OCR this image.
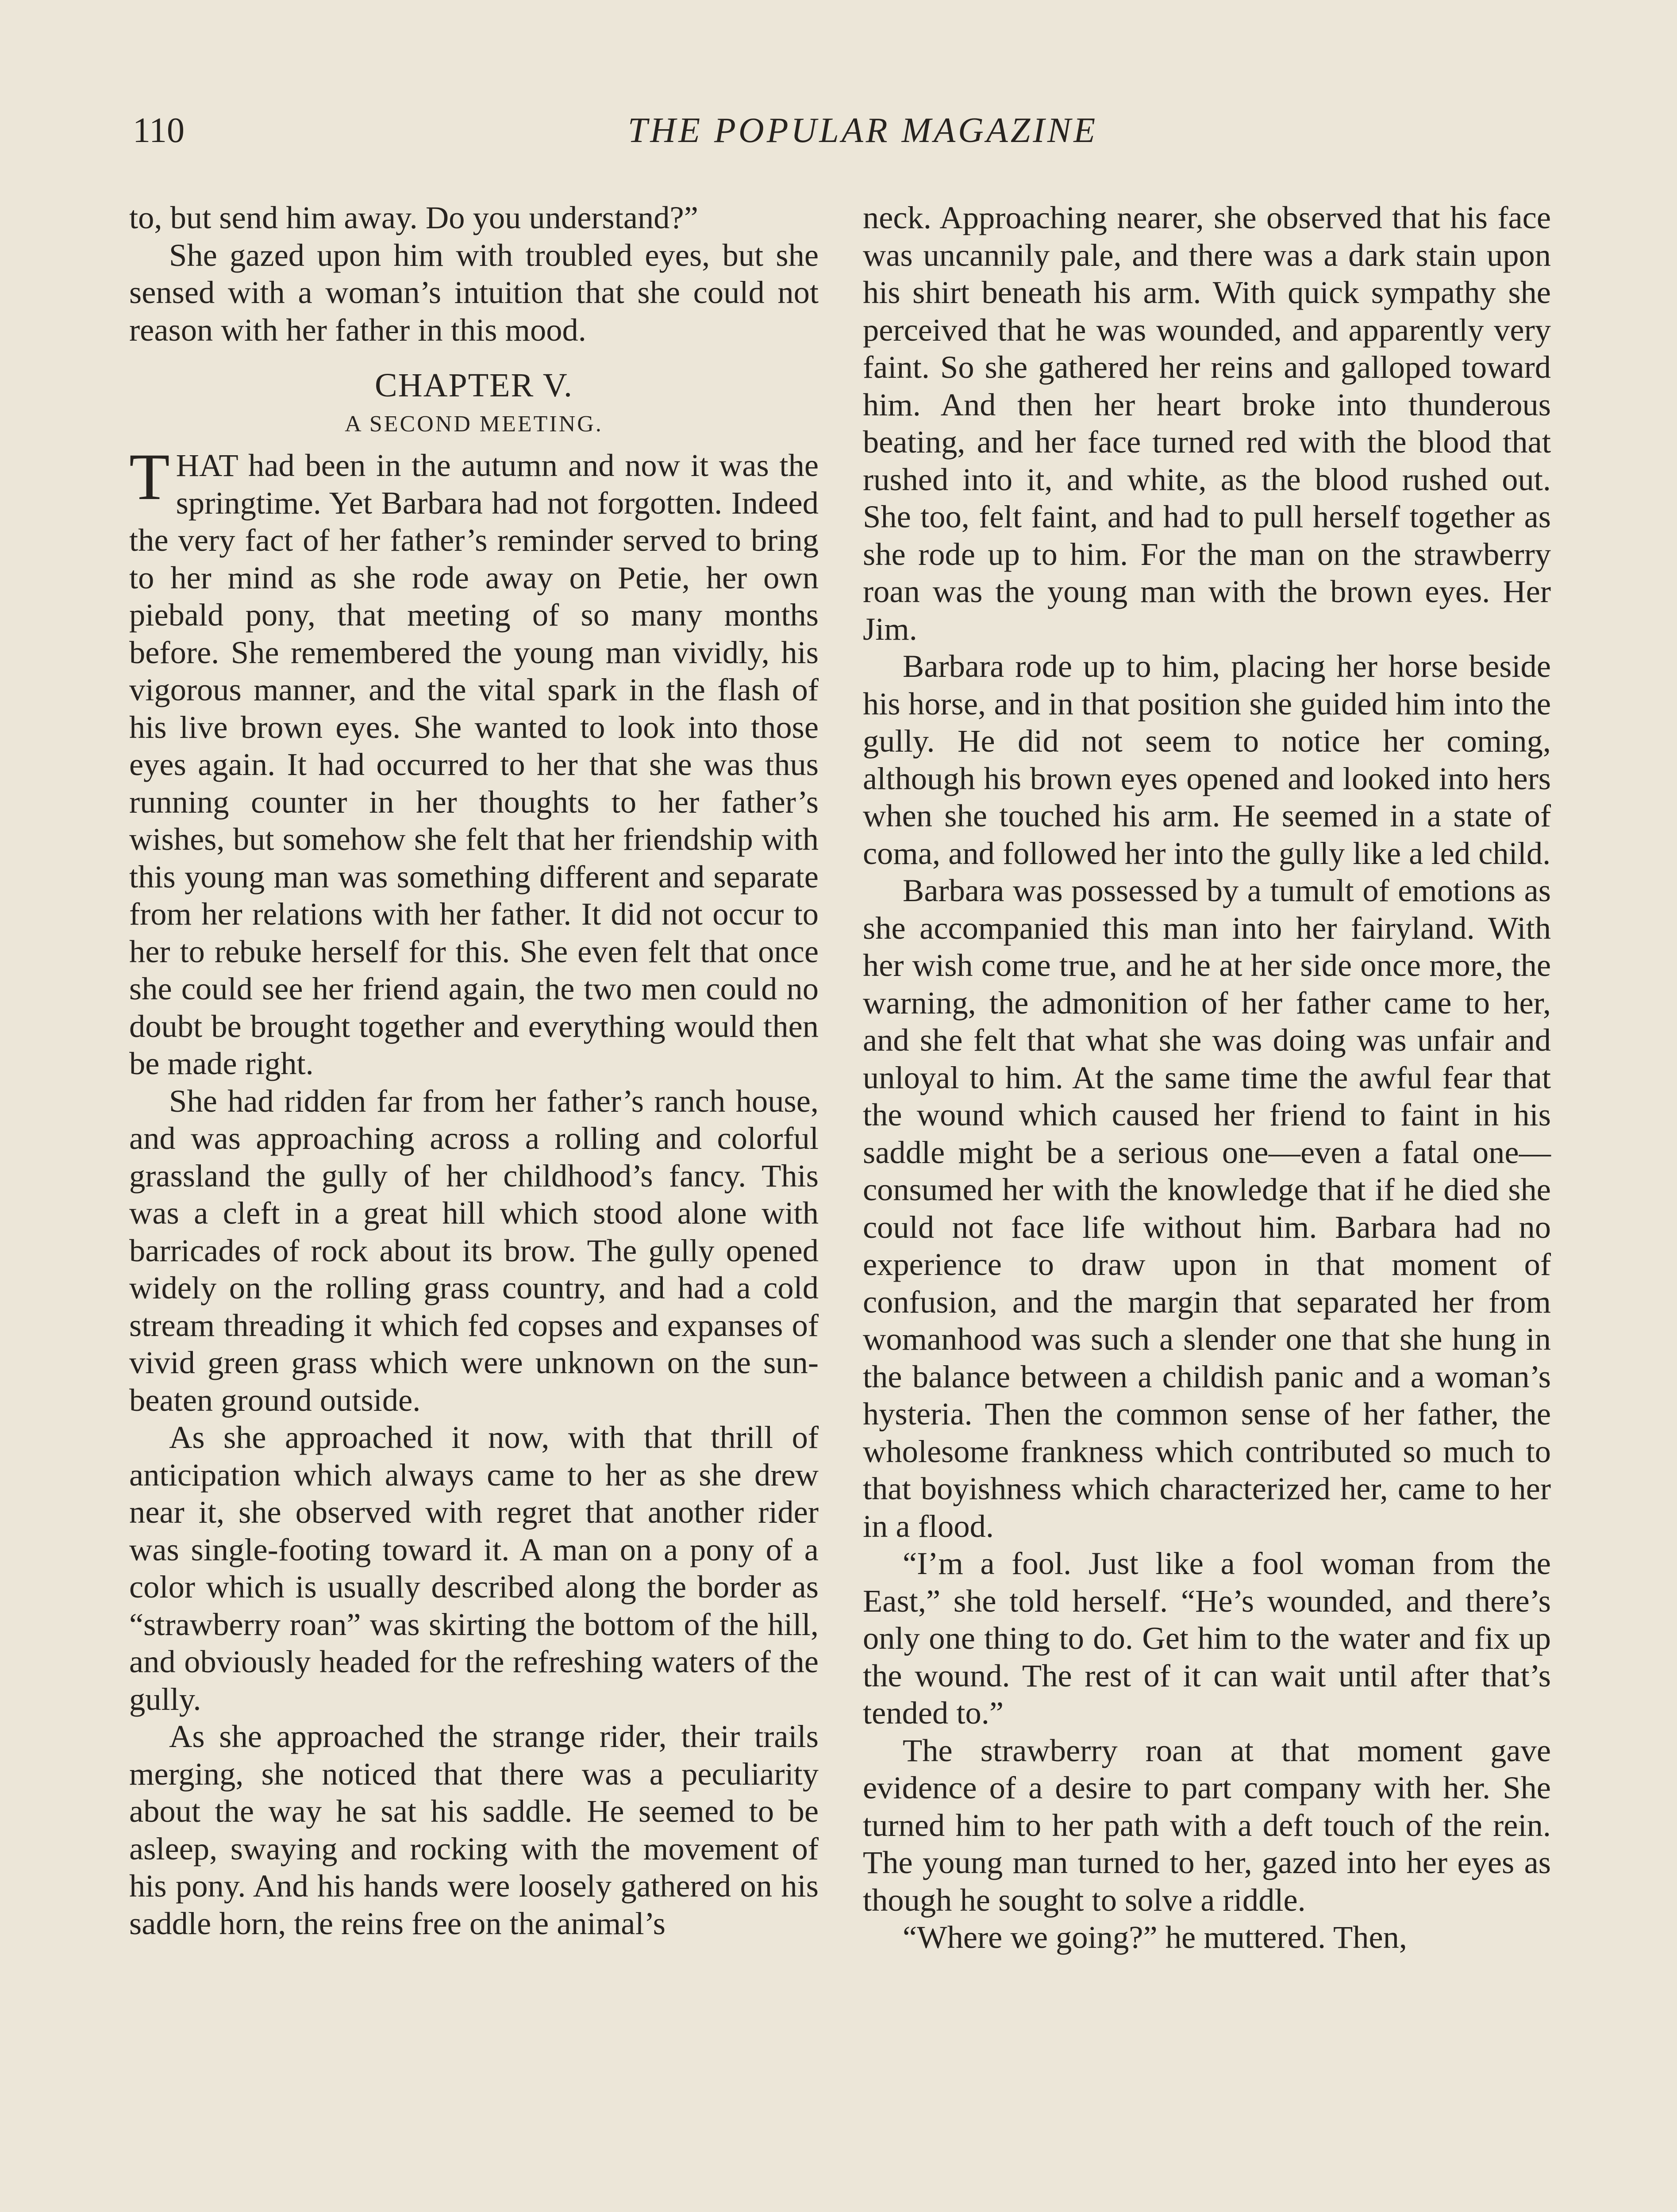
110	THE POPULAR MAGAZINE

to, but send him away. Do you understand?”

She gazed upon him with troubled eyes, but she sensed with a woman’s intuition that she could not reason with her father in this mood.

CHAPTER V.
A SECOND MEETING.

THAT had been in the autumn and now it was the springtime. Yet Barbara had not forgotten. Indeed the very fact of her father’s reminder served to bring to her mind as she rode away on Petie, her own piebald pony, that meeting of so many months before. She remembered the young man vividly, his vigorous manner, and the vital spark in the flash of his live brown eyes. She wanted to look into those eyes again. It had occurred to her that she was thus running counter in her thoughts to her father’s wishes, but somehow she felt that her friendship with this young man was something different and separate from her relations with her father. It did not occur to her to rebuke herself for this. She even felt that once she could see her friend again, the two men could no doubt be brought together and everything would then be made right.

She had ridden far from her father’s ranch house, and was approaching across a rolling and colorful grassland the gully of her childhood’s fancy. This was a cleft in a great hill which stood alone with barricades of rock about its brow. The gully opened widely on the rolling grass country, and had a cold stream threading it which fed copses and expanses of vivid green grass which were unknown on the sun-beaten ground outside.

As she approached it now, with that thrill of anticipation which always came to her as she drew near it, she observed with regret that another rider was single-footing toward it. A man on a pony of a color which is usually described along the border as “strawberry roan” was skirting the bottom of the hill, and obviously headed for the refreshing waters of the gully.

As she approached the strange rider, their trails merging, she noticed that there was a peculiarity about the way he sat his saddle. He seemed to be asleep, swaying and rocking with the movement of his pony. And his hands were loosely gathered on his saddle horn, the reins free on the animal’s

neck. Approaching nearer, she observed that his face was uncannily pale, and there was a dark stain upon his shirt beneath his arm. With quick sympathy she perceived that he was wounded, and apparently very faint. So she gathered her reins and galloped toward him. And then her heart broke into thunderous beating, and her face turned red with the blood that rushed into it, and white, as the blood rushed out. She too, felt faint, and had to pull herself together as she rode up to him. For the man on the strawberry roan was the young man with the brown eyes. Her Jim.

Barbara rode up to him, placing her horse beside his horse, and in that position she guided him into the gully. He did not seem to notice her coming, although his brown eyes opened and looked into hers when she touched his arm. He seemed in a state of coma, and followed her into the gully like a led child.

Barbara was possessed by a tumult of emotions as she accompanied this man into her fairyland. With her wish come true, and he at her side once more, the warning, the admonition of her father came to her, and she felt that what she was doing was unfair and unloyal to him. At the same time the awful fear that the wound which caused her friend to faint in his saddle might be a serious one—even a fatal one—consumed her with the knowledge that if he died she could not face life without him. Barbara had no experience to draw upon in that moment of confusion, and the margin that separated her from womanhood was such a slender one that she hung in the balance between a childish panic and a woman’s hysteria. Then the common sense of her father, the wholesome frankness which contributed so much to that boyishness which characterized her, came to her in a flood.

“I’m a fool. Just like a fool woman from the East,” she told herself. “He’s wounded, and there’s only one thing to do. Get him to the water and fix up the wound. The rest of it can wait until after that’s tended to.”

The strawberry roan at that moment gave evidence of a desire to part company with her. She turned him to her path with a deft touch of the rein. The young man turned to her, gazed into her eyes as though he sought to solve a riddle.

“Where we going?” he muttered. Then,
